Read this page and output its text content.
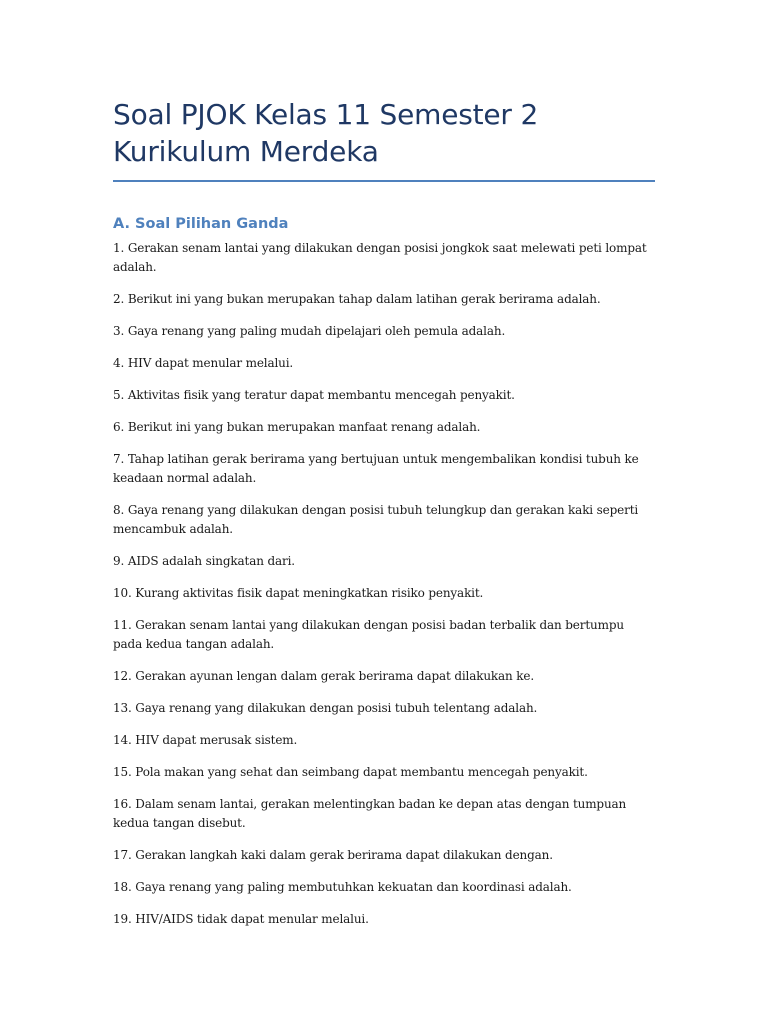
Soal PJOK Kelas 11 Semester 2
Kurikulum Merdeka
A. Soal Pilihan Ganda
1. Gerakan senam lantai yang dilakukan dengan posisi jongkok saat melewati peti lompat adalah.
2. Berikut ini yang bukan merupakan tahap dalam latihan gerak berirama adalah.
3. Gaya renang yang paling mudah dipelajari oleh pemula adalah.
4. HIV dapat menular melalui.
5. Aktivitas fisik yang teratur dapat membantu mencegah penyakit.
6. Berikut ini yang bukan merupakan manfaat renang adalah.
7. Tahap latihan gerak berirama yang bertujuan untuk mengembalikan kondisi tubuh ke keadaan normal adalah.
8. Gaya renang yang dilakukan dengan posisi tubuh telungkup dan gerakan kaki seperti mencambuk adalah.
9. AIDS adalah singkatan dari.
10. Kurang aktivitas fisik dapat meningkatkan risiko penyakit.
11. Gerakan senam lantai yang dilakukan dengan posisi badan terbalik dan bertumpu pada kedua tangan adalah.
12. Gerakan ayunan lengan dalam gerak berirama dapat dilakukan ke.
13. Gaya renang yang dilakukan dengan posisi tubuh telentang adalah.
14. HIV dapat merusak sistem.
15. Pola makan yang sehat dan seimbang dapat membantu mencegah penyakit.
16. Dalam senam lantai, gerakan melentingkan badan ke depan atas dengan tumpuan kedua tangan disebut.
17. Gerakan langkah kaki dalam gerak berirama dapat dilakukan dengan.
18. Gaya renang yang paling membutuhkan kekuatan dan koordinasi adalah.
19. HIV/AIDS tidak dapat menular melalui.
